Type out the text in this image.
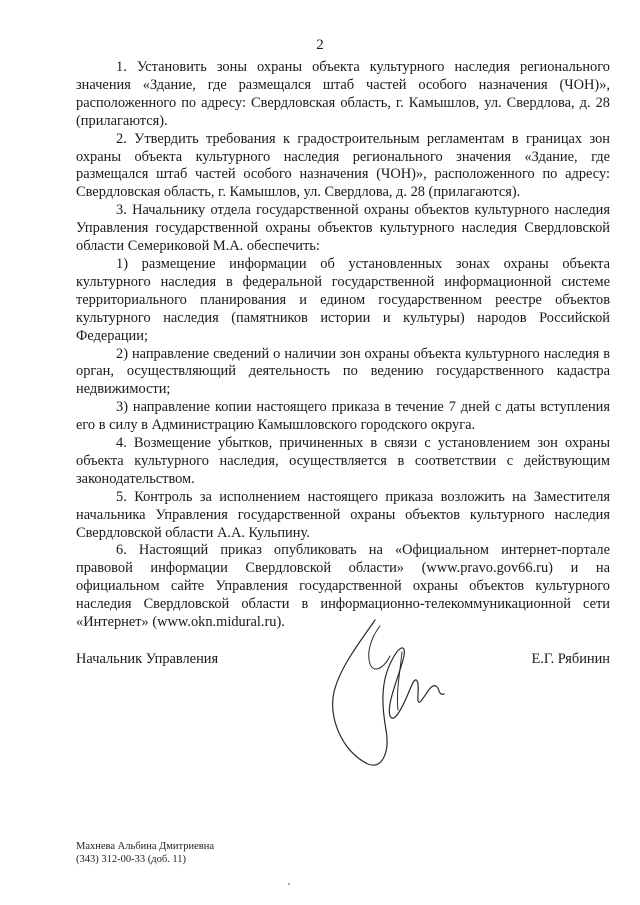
2

1. Установить зоны охраны объекта культурного наследия регионального значения «Здание, где размещался штаб частей особого назначения (ЧОН)», расположенного по адресу: Свердловская область, г. Камышлов, ул. Свердлова, д. 28 (прилагаются).

2. Утвердить требования к градостроительным регламентам в границах зон охраны объекта культурного наследия регионального значения «Здание, где размещался штаб частей особого назначения (ЧОН)», расположенного по адресу: Свердловская область, г. Камышлов, ул. Свердлова, д. 28 (прилагаются).

3. Начальнику отдела государственной охраны объектов культурного наследия Управления государственной охраны объектов культурного наследия Свердловской области Семериковой М.А. обеспечить:

1) размещение информации об установленных зонах охраны объекта культурного наследия в федеральной государственной информационной системе территориального планирования и едином государственном реестре объектов культурного наследия (памятников истории и культуры) народов Российской Федерации;

2) направление сведений о наличии зон охраны объекта культурного наследия в орган, осуществляющий деятельность по ведению государственного кадастра недвижимости;

3) направление копии настоящего приказа в течение 7 дней с даты вступления его в силу в Администрацию Камышловского городского округа.

4. Возмещение убытков, причиненных в связи с установлением зон охраны объекта культурного наследия, осуществляется в соответствии с действующим законодательством.

5. Контроль за исполнением настоящего приказа возложить на Заместителя начальника Управления государственной охраны объектов культурного наследия Свердловской области А.А. Кульпину.

6. Настоящий приказ опубликовать на «Официальном интернет-портале правовой информации Свердловской области» (www.pravo.gov66.ru) и на официальном сайте Управления государственной охраны объектов культурного наследия Свердловской области в информационно-телекоммуникационной сети «Интернет» (www.okn.midural.ru).

Начальник Управления	Е.Г. Рябинин
Махнева Альбина Дмитриевна
(343) 312-00-33 (доб. 11)
